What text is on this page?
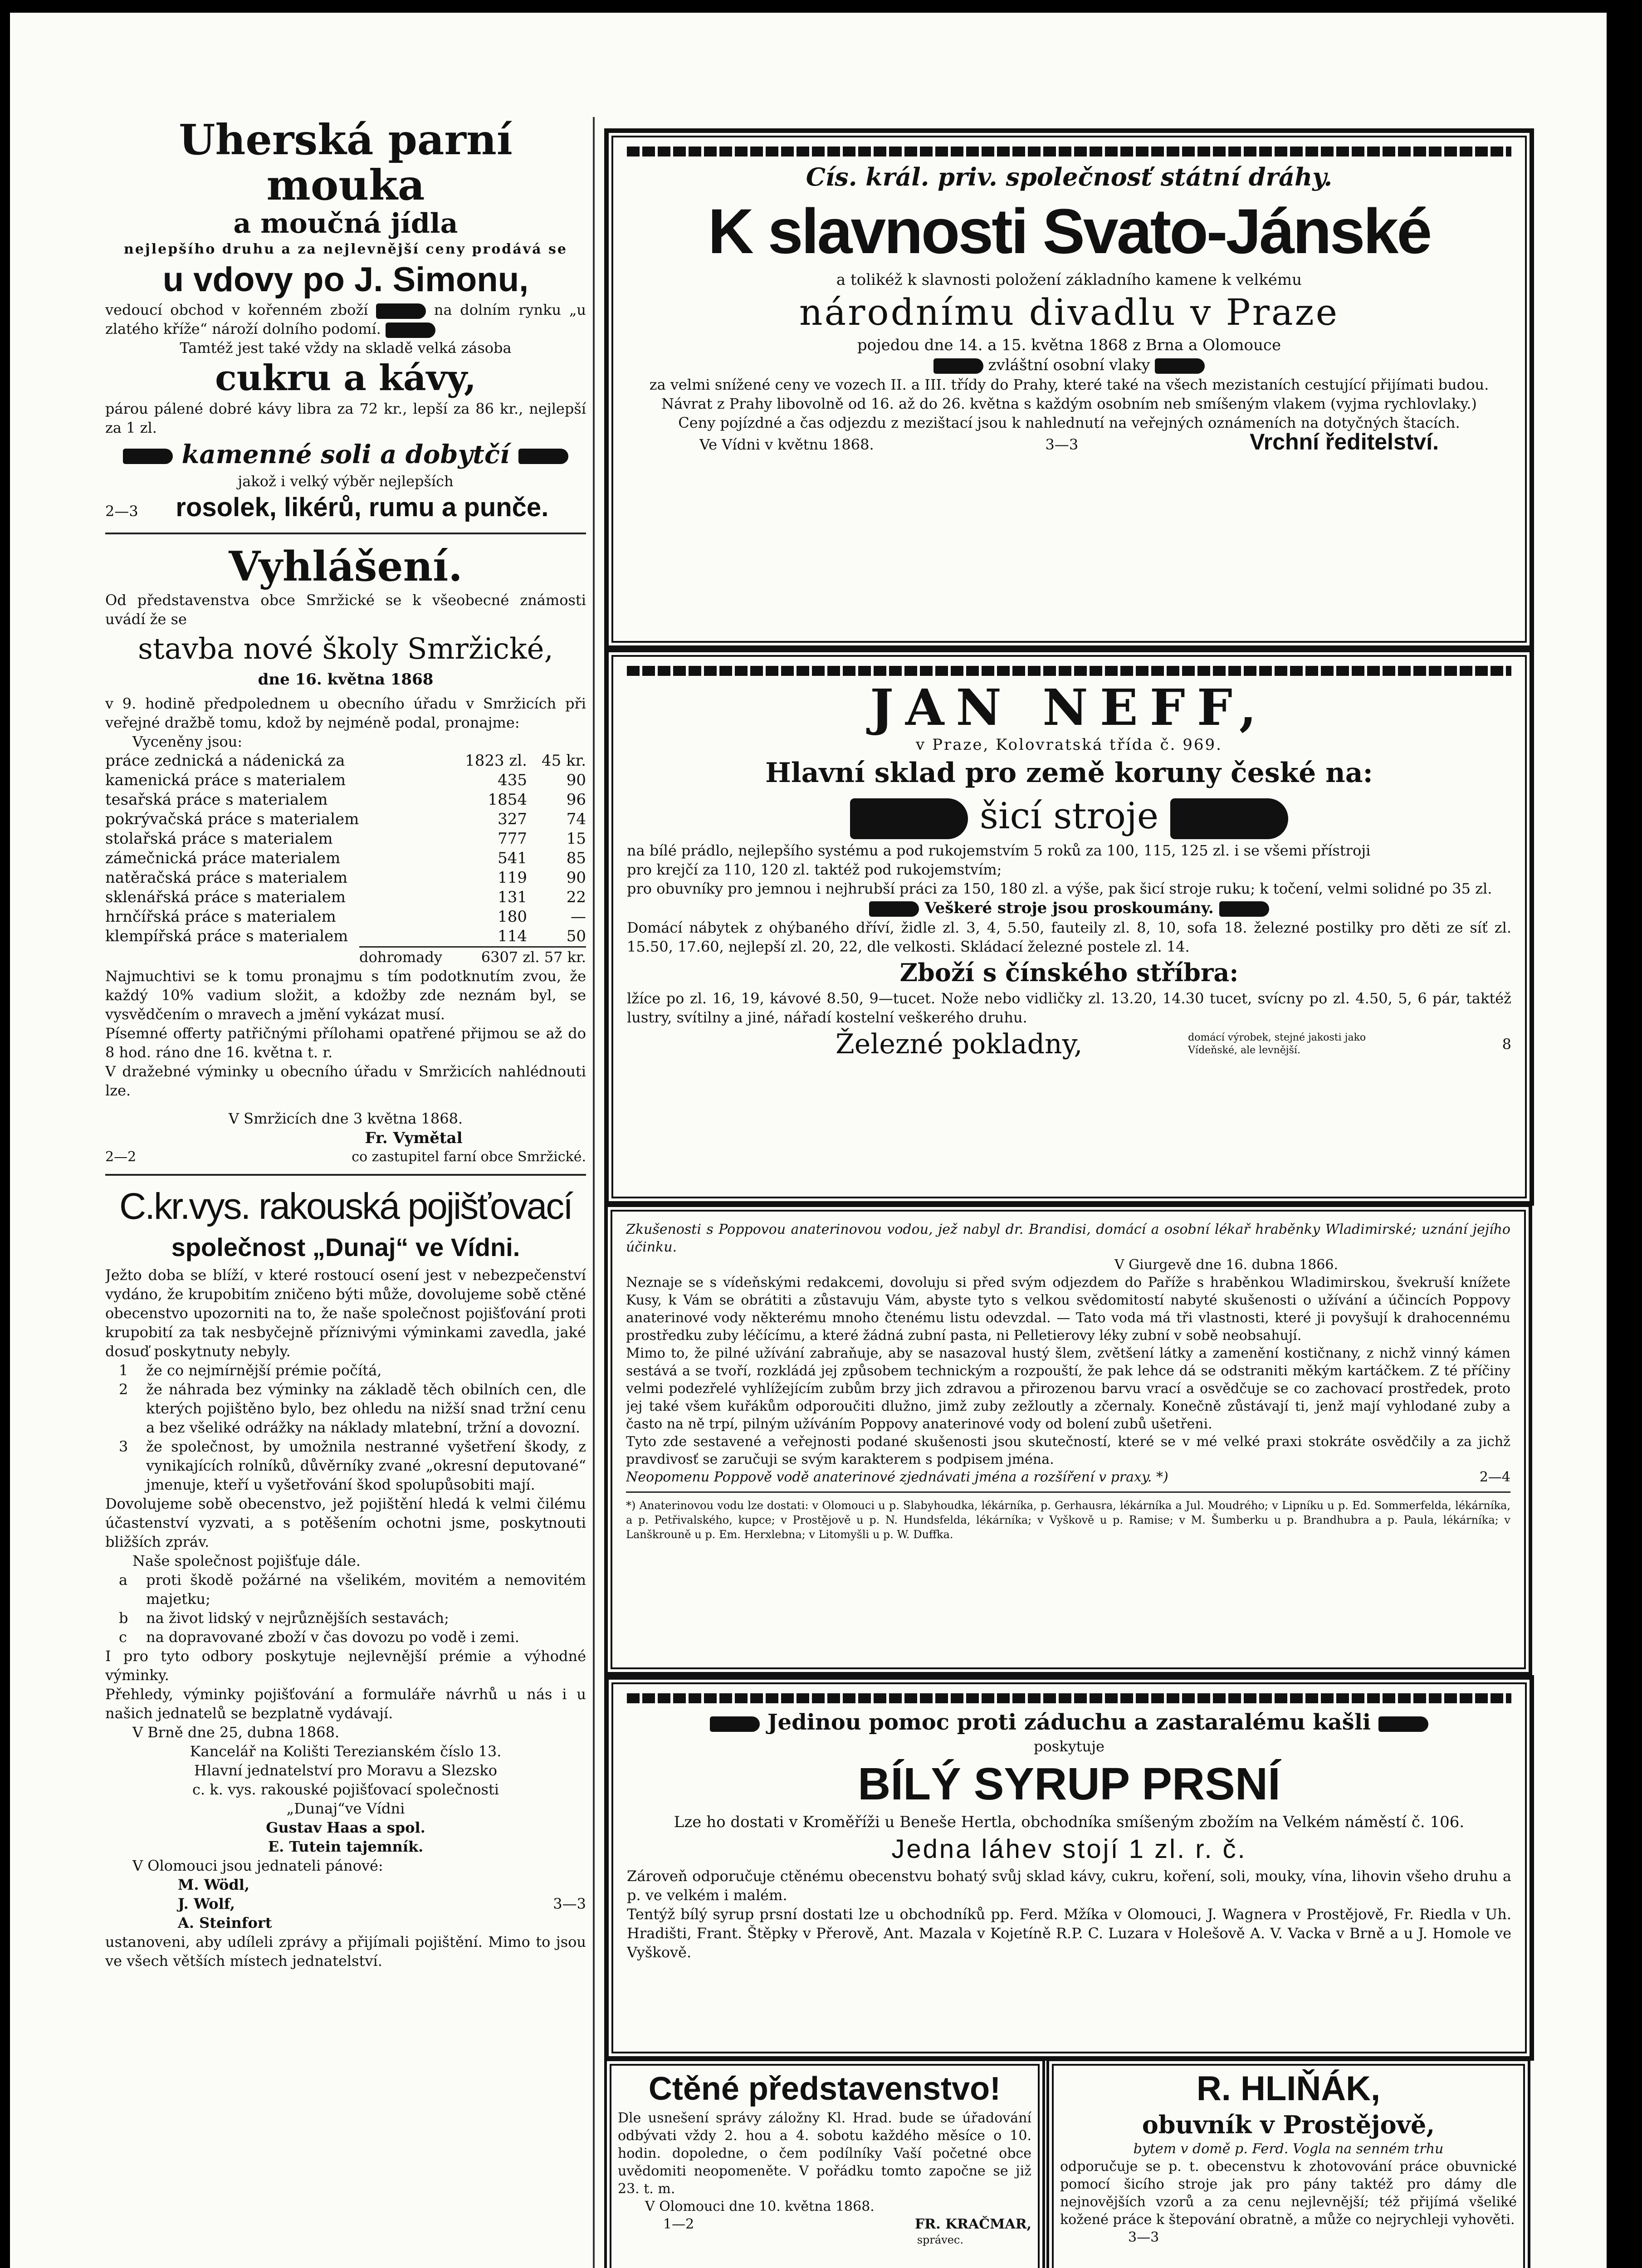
Uherská parní mouka

a moučná jídla

nejlepšího druhu a za nejlevnější ceny prodává se

u vdovy po J. Simonu,

vedoucí obchod v kořenném zboží	na dolním rynku „u zlatého kříže“ nároží dolního podomí.

Tamtéž jest také vždy na skladě velká zásoba

cukru a kávy,

párou pálené dobré kávy libra za 72 kr., lepší za 86 kr., nejlepší za 1 zl.

kamenné soli a dobytčí

jakož i velký výběr nejlepších

2—3 rosolek, likérů, rumu a punče.

Vyhlášení.

Od představenstva obce Smržické se k všeobecné známosti uvádí že se

stavba nové školy Smržické,

dne 16. května 1868

v 9. hodině předpolednem u obecního úřadu v Smržicích při veřejné dražbě tomu, kdož by nejméně podal, pronajme:

Vyceněny jsou:

práce zednická a nádenická za	1823 zl.	45 kr.
kamenická práce s materialem	435	90
tesařská práce s materialem	1854	96
pokrývačská práce s materialem	327	74
stolařská práce s materialem	777	15
zámečnická práce materialem	541	85
natěračská práce s materialem	119	90
sklenářská práce s materialem	131	22
hrnčířská práce s materialem	180	—
klempířská práce s materialem	114	50
dohromady	6307 zl. 57 kr.

Najmuchtivi se k tomu pronajmu s tím podotknutím zvou, že každý 10% vadium složit, a kdožby zde neznám byl, se vysvědčením o mravech a jmění vykázat musí.

Písemné offerty patřičnými přílohami opatřené přijmou se až do 8 hod. ráno dne 16. května t. r.

V dražebné výminky u obecního úřadu v Smržicích nahlédnouti lze.

V Smržicích dne 3 května 1868.

Fr. Vymětal

2—2	co zastupitel farní obce Smržické.

C.kr.vys. rakouská pojišťovací

společnost „Dunaj“ ve Vídni.

Ježto doba se blíží, v které rostoucí osení jest v nebezpečenství vydáno, že krupobitím zničeno býti může, dovolujeme sobě ctěné obecenstvo upozorniti na to, že naše společnost pojišťování proti krupobití za tak nesbyčejně příznivými výminkami zavedla, jaké dosuď poskytnuty nebyly.

1	že co nejmírnější prémie počítá,
2	že náhrada bez výminky na základě těch obilních cen, dle kterých pojištěno bylo, bez ohledu na nižší snad tržní cenu a bez všeliké odrážky na náklady mlatební, tržní a dovozní.
3	že společnost, by umožnila nestranné vyšetření škody, z vynikajících rolníků, důvěrníky zvané „okresní deputované“ jmenuje, kteří u vyšetřování škod spolupůsobiti mají.

Dovolujeme sobě obecenstvo, jež pojištění hledá k velmi čilému účastenství vyzvati, a s potěšením ochotni jsme, poskytnouti bližších zpráv.

Naše společnost pojišťuje dále.

a	proti škodě požárné na všelikém, movitém a nemovitém majetku;
b	na život lidský v nejrůznějších sestavách;
c	na dopravované zboží v čas dovozu po vodě i zemi.

I pro tyto odbory poskytuje nejlevnější prémie a výhodné výminky.

Přehledy, výminky pojišťování a formuláře návrhů u nás i u našich jednatelů se bezplatně vydávají.

V Brně dne 25, dubna 1868.

Kancelář na Kolišti Terezianském číslo 13.

Hlavní jednatelství pro Moravu a Slezsko

c. k. vys. rakouské pojišťovací společnosti

„Dunaj“ve Vídni

Gustav Haas a spol.

E. Tutein tajemník.

V Olomouci jsou jednateli pánové:

M. Wödl,

J. Wolf,

A. Steinfort

3—3

ustanoveni, aby udíleli zprávy a přijímali pojištění. Mimo to jsou ve všech větších místech jednatelství.

Cís. král. priv. společnosť státní dráhy.

K slavnosti Svato-Jánské

a tolikéž k slavnosti položení základního kamene k velkému

národnímu divadlu v Praze

pojedou dne 14. a 15. května 1868 z Brna a Olomouce

zvláštní osobní vlaky

za velmi snížené ceny ve vozech II. a III. třídy do Prahy, které také na všech mezistaních cestující přijímati budou.

Návrat z Prahy libovolně od 16. až do 26. května s každým osobním neb smíšeným vlakem (vyjma rychlovlaky.)

Ceny pojízdné a čas odjezdu z mezištací jsou k nahlednutí na veřejných oznámeních na dotyčných štacích.

Ve Vídni v květnu 1868.	3—3	Vrchní ředitelství.

JAN NEFF,

v Praze, Kolovratská třída č. 969.

Hlavní sklad pro země koruny české na:

šicí stroje

na bílé prádlo, nejlepšího systému a pod rukojemstvím 5 roků za 100, 115, 125 zl. i se všemi přístroji

pro krejčí za 110, 120 zl. taktéž pod rukojemstvím;

pro obuvníky pro jemnou i nejhrubší práci za 150, 180 zl. a výše, pak šicí stroje ruku; k točení, velmi solidné po 35 zl.

Veškeré stroje jsou proskoumány.

Domácí nábytek z ohýbaného dříví, židle zl. 3, 4, 5.50, fauteily zl. 8, 10, sofa 18. železné postilky pro děti ze síť zl. 15.50, 17.60, nejlepší zl. 20, 22, dle velkosti. Skládací železné postele zl. 14.

Zboží s čínského stříbra:

lžíce po zl. 16, 19, kávové 8.50, 9—tucet. Nože nebo vidličky zl. 13.20, 14.30 tucet, svícny po zl. 4.50, 5, 6 pár, taktéž lustry, svítilny a jiné, nářadí kostelní veškerého druhu.

Železné pokladny,	domácí výrobek, stejné jakosti jako Vídeňské, ale levnější.	8

Zkušenosti s Poppovou anaterinovou vodou, jež nabyl dr. Brandisi, domácí a osobní lékař hraběnky Wladimirské; uznání jejího účinku.

V Giurgevě dne 16. dubna 1866.

Neznaje se s vídeňskými redakcemi, dovoluju si před svým odjezdem do Paříže s hraběnkou Wladimirskou, švekruší knížete Kusy, k Vám se obrátiti a zůstavuju Vám, abyste tyto s velkou svědomitostí nabyté skušenosti o užívání a účincích Poppovy anaterinové vody některému mnoho čtenému listu odevzdal. — Tato voda má tři vlastnosti, které ji povyšují k drahocennému prostředku zuby léčícímu, a které žádná zubní pasta, ni Pelletierovy léky zubní v sobě neobsahují.

Mimo to, že pilné užívání zabraňuje, aby se nasazoval hustý šlem, zvětšení látky a zamenění kostičnany, z nichž vinný kámen sestává a se tvoří, rozkládá jej způsobem technickým a rozpouští, že pak lehce dá se odstraniti měkým kartáčkem. Z té příčiny velmi podezřelé vyhlížejícím zubům brzy jich zdravou a přirozenou barvu vrací a osvědčuje se co zachovací prostředek, proto jej také všem kuřákům odporoučiti dlužno, jimž zuby zežloutly a zčernaly. Konečně zůstávají ti, jenž mají vyhlodané zuby a často na ně trpí, pilným užíváním Poppovy anaterinové vody od bolení zubů ušetřeni.

Tyto zde sestavené a veřejnosti podané skušenosti jsou skutečností, které se v mé velké praxi stokráte osvědčily a za jichž pravdivosť se zaručuji se svým karakterem s podpisem jména.

Neopomenu Poppově vodě anaterinové zjednávati jména a rozšíření v praxy. *)	2—4

*) Anaterinovou vodu lze dostati: v Olomouci u p. Slabyhoudka, lékárníka, p. Gerhausra, lékárníka a Jul. Moudrého; v Lipníku u p. Ed. Sommerfelda, lékárníka, a p. Petřivalského, kupce; v Prostějově u p. N. Hundsfelda, lékárníka; v Vyškově u p. Ramise; v M. Šumberku u p. Brandhubra a p. Paula, lékárníka; v Lanškrouně u p. Em. Herxlebna; v Litomyšli u p. W. Duffka.

Jedinou pomoc proti záduchu a zastaralému kašli

poskytuje

BÍLÝ SYRUP PRSNÍ

Lze ho dostati v Kroměříži u Beneše Hertla, obchodníka smíšeným zbožím na Velkém náměstí č. 106.

Jedna láhev stojí 1 zl. r. č.

Zároveň odporučuje ctěnému obecenstvu bohatý svůj sklad kávy, cukru, koření, soli, mouky, vína, lihovin všeho druhu a p. ve velkém i malém.

Tentýž bílý syrup prsní dostati lze u obchodníků pp. Ferd. Mžíka v Olomouci, J. Wagnera v Prostějově, Fr. Riedla v Uh. Hradišti, Frant. Štěpky v Přerově, Ant. Mazala v Kojetíně R.P. C. Luzara v Holešově A. V. Vacka v Brně a u J. Homole ve Vyškově.

Ctěné představenstvo!

Dle usnešení správy záložny Kl. Hrad. bude se úřadování odbývati vždy 2. hou a 4. sobotu každého měsíce o 10. hodin. dopoledne, o čem podílníky Vaší početné obce uvědomiti neopomeněte. V pořádku tomto započne se již 23. t. m.

V Olomouci dne 10. května 1868.

1—2	FR. KRAČMAR,

správec.

R. HLIŇÁK,

obuvník v Prostějově,

bytem v domě p. Ferd. Vogla na senném trhu

odporučuje se p. t. obecenstvu k zhotovování práce obuvnické pomocí šicího stroje jak pro pány taktéž pro dámy dle nejnovějších vzorů a za cenu nejlevnější; též přijímá všeliké kožené práce k štepování obratně, a může co nejrychleji vyhověti.

3—3
